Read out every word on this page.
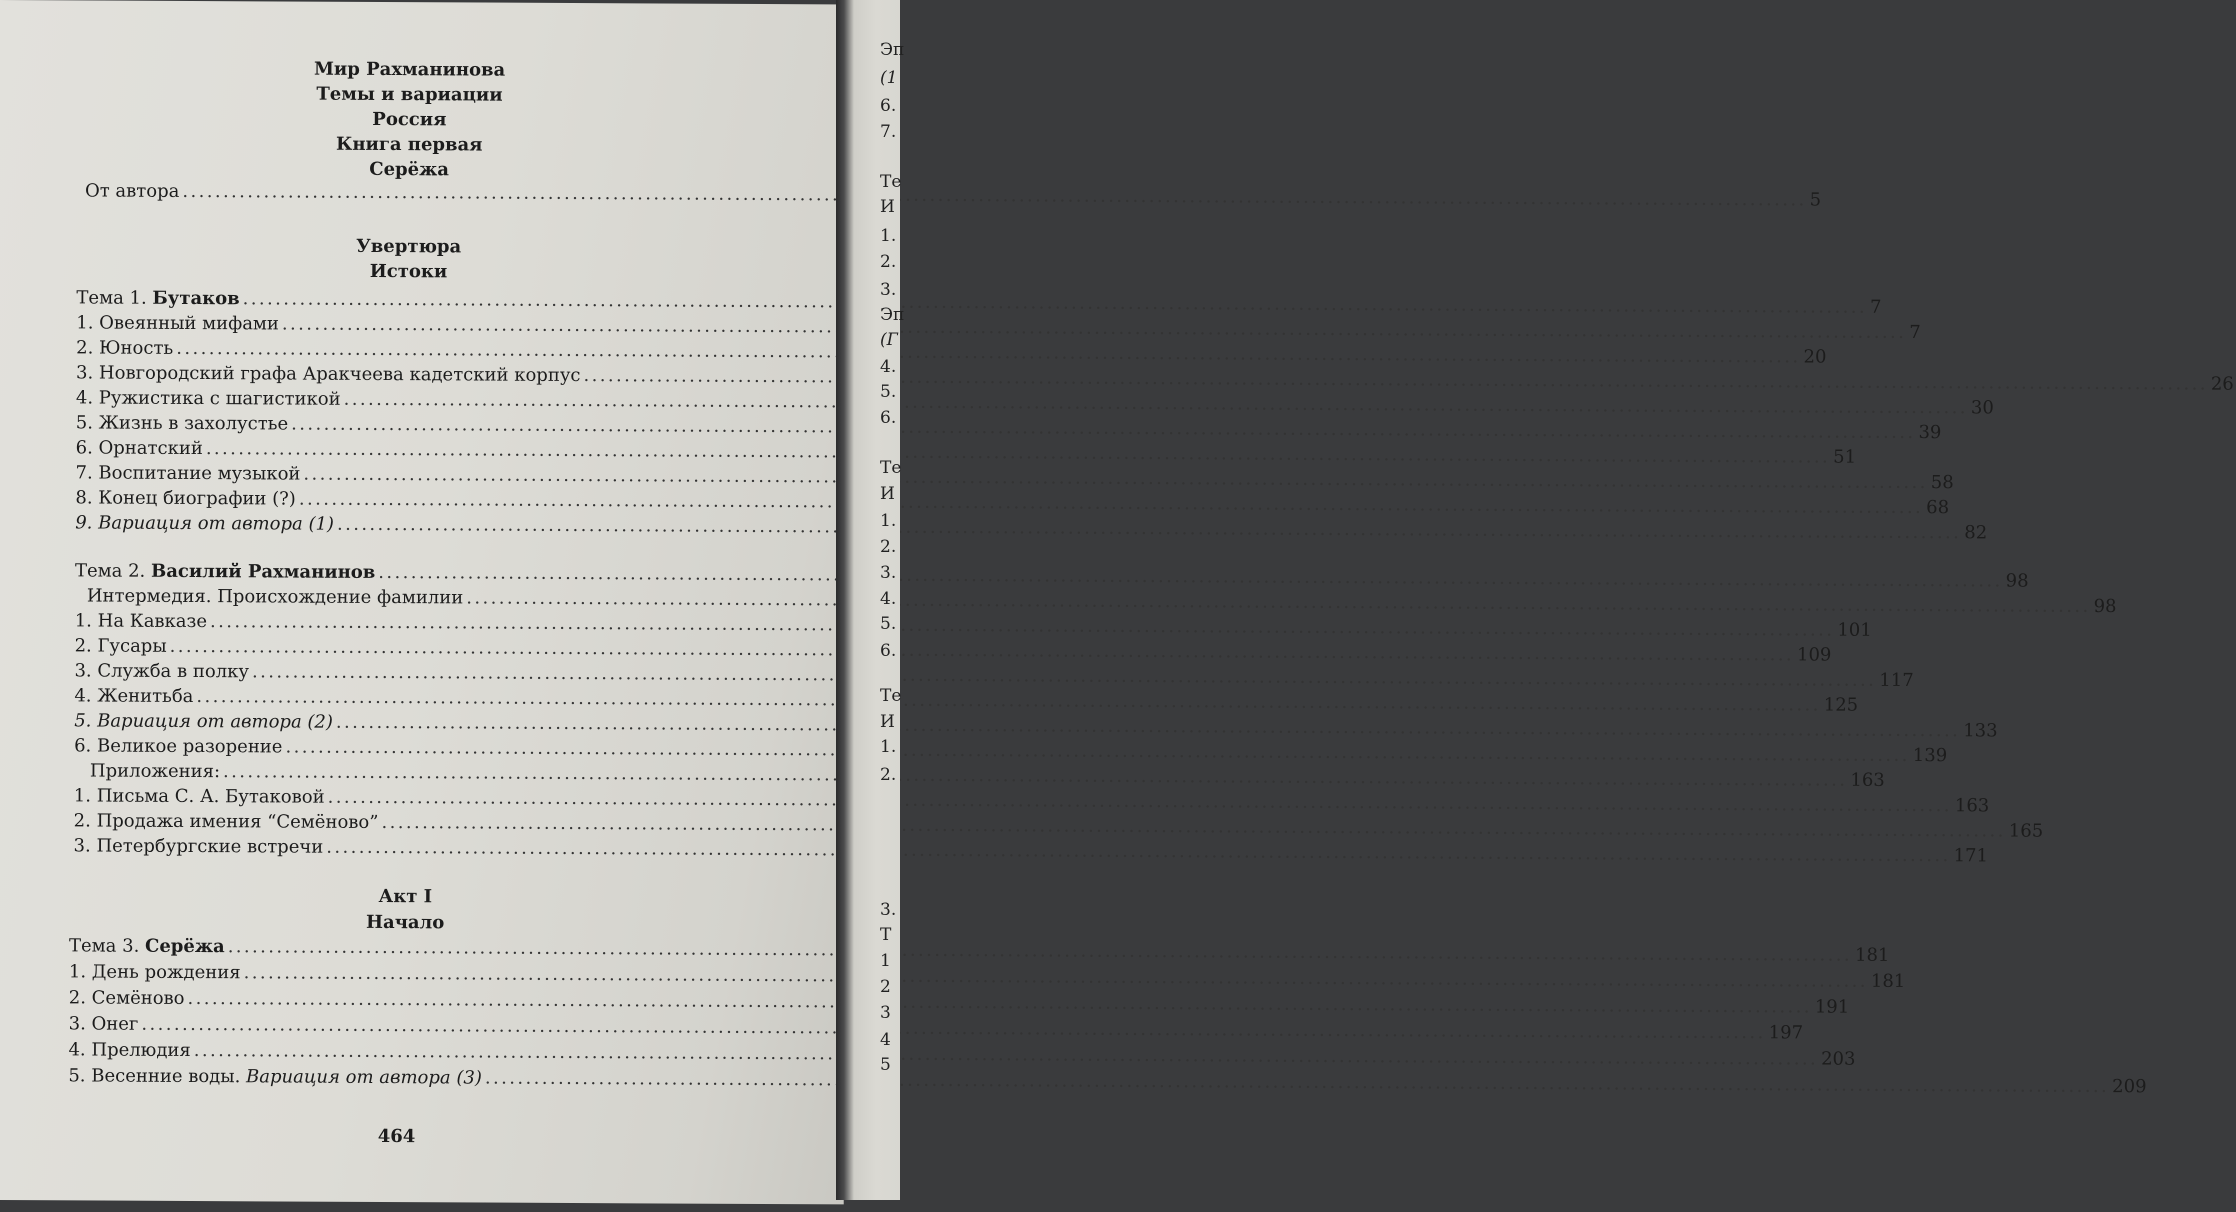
Мир Рахманинова
Темы и вариации
Россия
Книга первая
Серёжа
От автора .....	5
Увертюра
Истоки
Тема 1. Бутаков .....	7
1. Овеянный мифами .....	7
2. Юность .....	20
3. Новгородский графа Аракчеева кадетский корпус .....	26
4. Ружистика с шагистикой .....	30
5. Жизнь в захолустье .....	39
6. Орнатский .....	51
7. Воспитание музыкой .....	58
8. Конец биографии (?) .....	68
9. Вариация от автора (1) .....	82
Тема 2. Василий Рахманинов .....	98
Интермедия. Происхождение фамилии .....	98
1. На Кавказе .....	101
2. Гусары .....	109
3. Служба в полку .....	117
4. Женитьба .....	125
5. Вариация от автора (2) .....	133
6. Великое разорение .....	139
Приложения: .....	163
1. Письма С. А. Бутаковой .....	163
2. Продажа имения “Семёново” .....	165
3. Петербургские встречи .....	171
Акт I
Начало
Тема 3. Серёжа .....	181
1. День рождения .....	181
2. Семёново .....	191
3. Онег .....	197
4. Прелюдия .....	203
5. Весенние воды. Вариация от автора (3) .....	209
464
Эп
(1
6.
7.
Те
И
1.
2.
3.
Эп
(Г
4.
5.
6.
Те
И
1.
2.
3.
4.
5.
6.
Те
И
1.
2.
3.
Т
1
2
3
4
5
